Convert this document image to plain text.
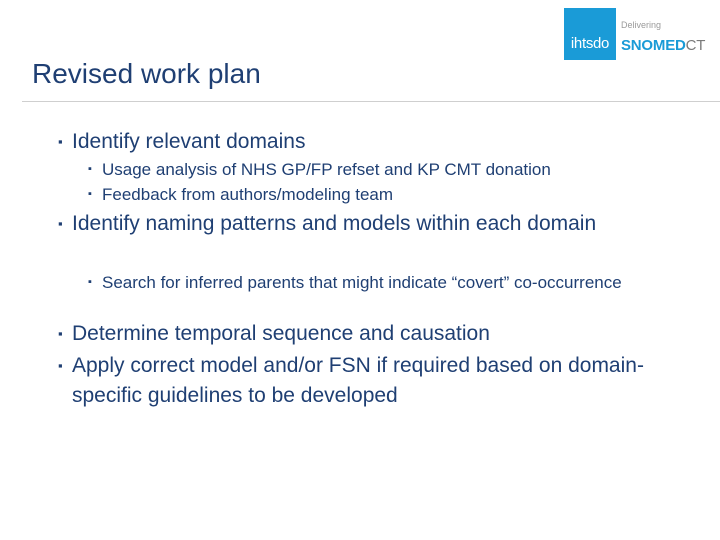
ihtsdo
Delivering
SNOMEDCT
Revised work plan
▪ Identify relevant domains
▪ Usage analysis of NHS GP/FP refset and KP CMT donation
▪ Feedback from authors/modeling team
▪ Identify naming patterns and models within each domain
▪ Search for inferred parents that might indicate “covert” co-occurrence
▪ Determine temporal sequence and causation
▪ Apply correct model and/or FSN if required based on domain-specific guidelines to be developed
